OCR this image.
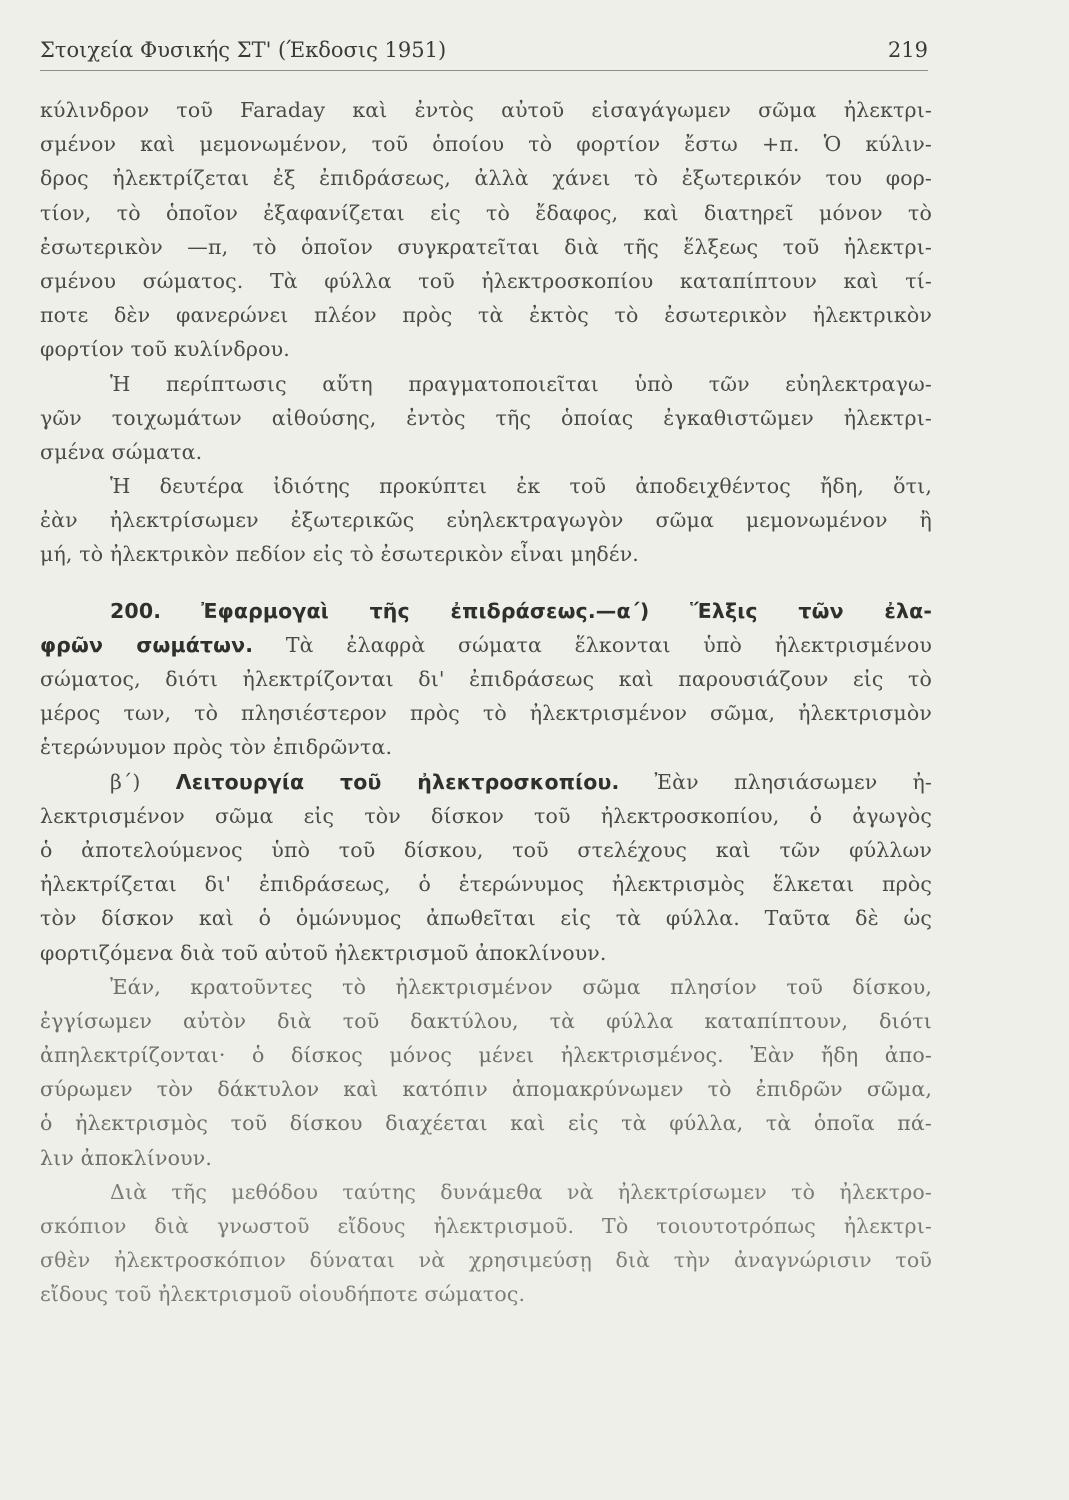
Στοιχεία Φυσικής ΣΤ' (Έκδοσις 1951)	219
κύλινδρον τοῦ Faraday καὶ ἐντὸς αὐτοῦ εἰσαγάγωμεν σῶμα ἠλεκτρι-
σμένον καὶ μεμονωμένον, τοῦ ὁποίου τὸ φορτίον ἔστω +π. Ὁ κύλιν-
δρος ἠλεκτρίζεται ἐξ ἐπιδράσεως, ἀλλὰ χάνει τὸ ἐξωτερικόν του φορ-
τίον, τὸ ὁποῖον ἐξαφανίζεται εἰς τὸ ἔδαφος, καὶ διατηρεῖ μόνον τὸ
ἐσωτερικὸν —π, τὸ ὁποῖον συγκρατεῖται διὰ τῆς ἕλξεως τοῦ ἠλεκτρι-
σμένου σώματος. Τὰ φύλλα τοῦ ἠλεκτροσκοπίου καταπίπτουν καὶ τί-
ποτε δὲν φανερώνει πλέον πρὸς τὰ ἐκτὸς τὸ ἐσωτερικὸν ἠλεκτρικὸν
φορτίον τοῦ κυλίνδρου.
Ἡ περίπτωσις αὕτη πραγματοποιεῖται ὑπὸ τῶν εὐηλεκτραγω-
γῶν τοιχωμάτων αἰθούσης, ἐντὸς τῆς ὁποίας ἐγκαθιστῶμεν ἠλεκτρι-
σμένα σώματα.
Ἡ δευτέρα ἰδιότης προκύπτει ἐκ τοῦ ἀποδειχθέντος ἤδη, ὅτι,
ἐὰν ἠλεκτρίσωμεν ἐξωτερικῶς εὐηλεκτραγωγὸν σῶμα μεμονωμένον ἢ
μή, τὸ ἠλεκτρικὸν πεδίον εἰς τὸ ἐσωτερικὸν εἶναι μηδέν.
200. Ἐφαρμογαὶ τῆς ἐπιδράσεως.—α΄) Ἕλξις τῶν ἐλα-
φρῶν σωμάτων. Τὰ ἐλαφρὰ σώματα ἕλκονται ὑπὸ ἠλεκτρισμένου
σώματος, διότι ἠλεκτρίζονται δι' ἐπιδράσεως καὶ παρουσιάζουν εἰς τὸ
μέρος των, τὸ πλησιέστερον πρὸς τὸ ἠλεκτρισμένον σῶμα, ἠλεκτρισμὸν
ἑτερώνυμον πρὸς τὸν ἐπιδρῶντα.
β΄) Λειτουργία τοῦ ἠλεκτροσκοπίου. Ἐὰν πλησιάσωμεν ἠ-
λεκτρισμένον σῶμα εἰς τὸν δίσκον τοῦ ἠλεκτροσκοπίου, ὁ ἀγωγὸς
ὁ ἀποτελούμενος ὑπὸ τοῦ δίσκου, τοῦ στελέχους καὶ τῶν φύλλων
ἠλεκτρίζεται δι' ἐπιδράσεως, ὁ ἑτερώνυμος ἠλεκτρισμὸς ἕλκεται πρὸς
τὸν δίσκον καὶ ὁ ὁμώνυμος ἀπωθεῖται εἰς τὰ φύλλα. Ταῦτα δὲ ὡς
φορτιζόμενα διὰ τοῦ αὐτοῦ ἠλεκτρισμοῦ ἀποκλίνουν.
Ἐάν, κρατοῦντες τὸ ἠλεκτρισμένον σῶμα πλησίον τοῦ δίσκου,
ἐγγίσωμεν αὐτὸν διὰ τοῦ δακτύλου, τὰ φύλλα καταπίπτουν, διότι
ἀπηλεκτρίζονται· ὁ δίσκος μόνος μένει ἠλεκτρισμένος. Ἐὰν ἤδη ἀπο-
σύρωμεν τὸν δάκτυλον καὶ κατόπιν ἀπομακρύνωμεν τὸ ἐπιδρῶν σῶμα,
ὁ ἠλεκτρισμὸς τοῦ δίσκου διαχέεται καὶ εἰς τὰ φύλλα, τὰ ὁποῖα πά-
λιν ἀποκλίνουν.
Διὰ τῆς μεθόδου ταύτης δυνάμεθα νὰ ἠλεκτρίσωμεν τὸ ἠλεκτρο-
σκόπιον διὰ γνωστοῦ εἴδους ἠλεκτρισμοῦ. Τὸ τοιουτοτρόπως ἠλεκτρι-
σθὲν ἠλεκτροσκόπιον δύναται νὰ χρησιμεύσῃ διὰ τὴν ἀναγνώρισιν τοῦ
εἴδους τοῦ ἠλεκτρισμοῦ οἱουδήποτε σώματος.
